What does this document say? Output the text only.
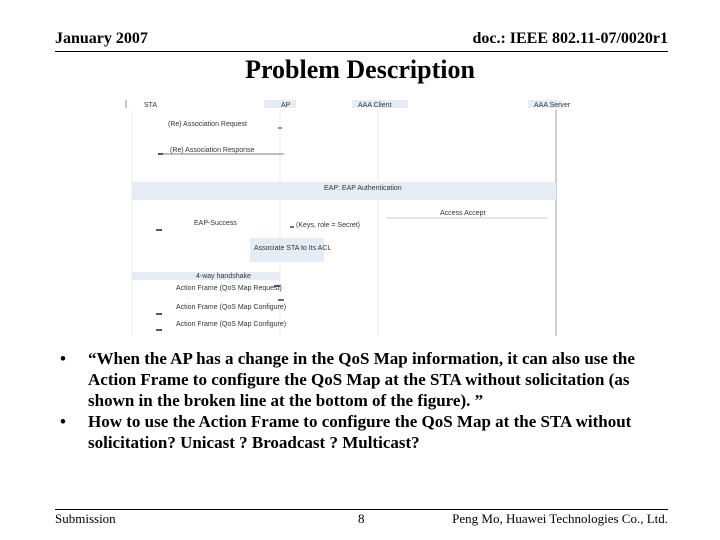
January 2007	doc.: IEEE 802.11-07/0020r1
Problem Description
STA	AP	AAA Client	AAA Server
(Re) Association Request
(Re) Association Response
EAP: EAP Authentication
Access Accept
EAP-Success	(Keys, role = Secret)
Associate STA to Its ACL
4-way handshake
Action Frame (QoS Map Request)
Action Frame (QoS Map Configure)
Action Frame (QoS Map Configure)
• “When the AP has a change in the QoS Map information, it can also use the Action Frame to configure the QoS Map at the STA without solicitation (as shown in the broken line at the bottom of the figure). ”
• How to use the Action Frame to configure the QoS Map at the STA without solicitation? Unicast ? Broadcast ? Multicast?
Submission	8	Peng Mo, Huawei Technologies Co., Ltd.
